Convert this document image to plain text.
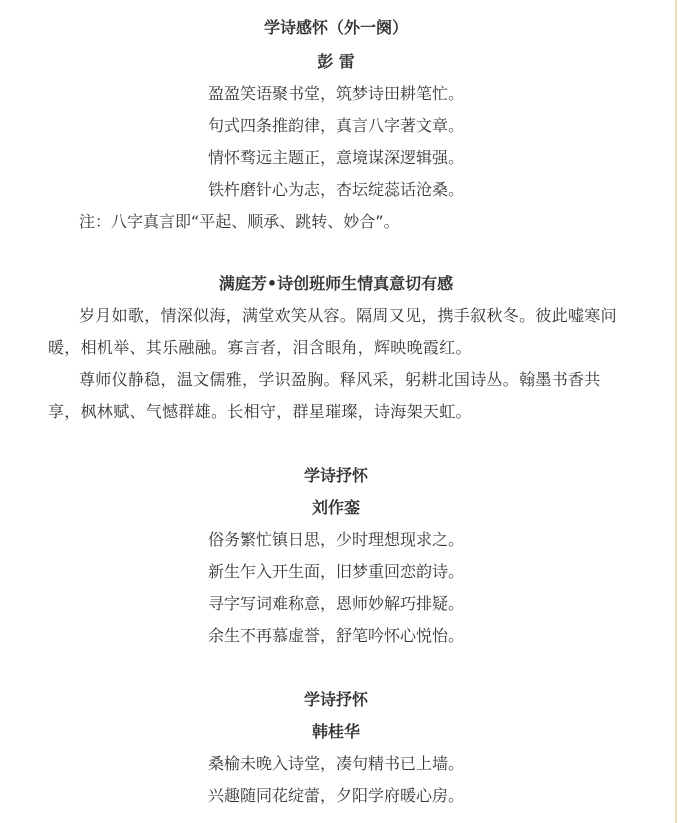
学诗感怀（外一阕）
彭 雷
盈盈笑语聚书堂，筑梦诗田耕笔忙。
句式四条推韵律，真言八字著文章。
情怀骛远主题正，意境谋深逻辑强。
铁杵磨针心为志，杏坛绽蕊话沧桑。
注：八字真言即“平起、顺承、跳转、妙合”。
满庭芳•诗创班师生情真意切有感
岁月如歌，情深似海，满堂欢笑从容。隔周又见，携手叙秋冬。彼此嘘寒问
暖，相机举、其乐融融。寡言者，泪含眼角，辉映晚霞红。
尊师仪静稳，温文儒雅，学识盈胸。释风采，躬耕北国诗丛。翰墨书香共
享，枫林赋、气憾群雄。长相守，群星璀璨，诗海架天虹。
学诗抒怀
刘作銮
俗务繁忙镇日思，少时理想现求之。
新生乍入开生面，旧梦重回恋韵诗。
寻字写词难称意，恩师妙解巧排疑。
余生不再慕虚誉，舒笔吟怀心悦怡。
学诗抒怀
韩桂华
桑榆未晚入诗堂，凑句精书已上墙。
兴趣随同花绽蕾，夕阳学府暖心房。
